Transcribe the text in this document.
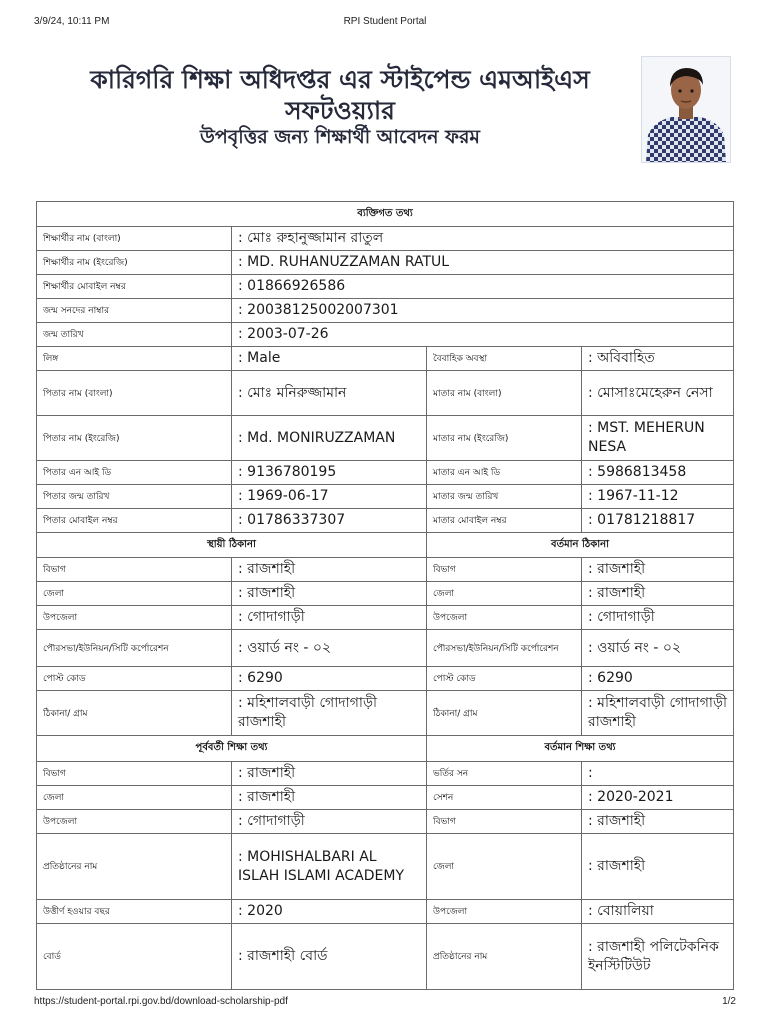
3/9/24, 10:11 PM	RPI Student Portal
কারিগরি শিক্ষা অধিদপ্তর এর স্টাইপেন্ড এমআইএস
সফটওয়্যার
উপবৃত্তির জন্য শিক্ষার্থী আবেদন ফরম
ব্যক্তিগত তথ্য			
শিক্ষার্থীর নাম (বাংলা)	: মোঃ রুহানুজ্জামান রাতুল		
শিক্ষার্থীর নাম (ইংরেজি)	: MD. RUHANUZZAMAN RATUL		
শিক্ষার্থীর মোবাইল নম্বর	: 01866926586		
জন্ম সনদের নাম্বার	: 20038125002007301		
জন্ম তারিখ	: 2003-07-26		
লিঙ্গ	: Male	বৈবাহিক অবস্থা	: অবিবাহিত
পিতার নাম (বাংলা)	: মোঃ মনিরুজ্জামান	মাতার নাম (বাংলা)	: মোসাঃমেহেরুন নেসা
পিতার নাম (ইংরেজি)	: Md. MONIRUZZAMAN	মাতার নাম (ইংরেজি)	: MST. MEHERUN NESA
পিতার এন আই ডি	: 9136780195	মাতার এন আই ডি	: 5986813458
পিতার জন্ম তারিখ	: 1969-06-17	মাতার জন্ম তারিখ	: 1967-11-12
পিতার মোবাইল নম্বর	: 01786337307	মাতার মোবাইল নম্বর	: 01781218817
স্থায়ী ঠিকানা		বর্তমান ঠিকানা	
বিভাগ	: রাজশাহী	বিভাগ	: রাজশাহী
জেলা	: রাজশাহী	জেলা	: রাজশাহী
উপজেলা	: গোদাগাড়ী	উপজেলা	: গোদাগাড়ী
পৌরসভা/ইউনিয়ন/সিটি কর্পোরেশন	: ওয়ার্ড নং - ০২	পৌরসভা/ইউনিয়ন/সিটি কর্পোরেশন	: ওয়ার্ড নং - ০২
পোস্ট কোড	: 6290	পোস্ট কোড	: 6290
ঠিকানা/ গ্রাম	: মহিশালবাড়ী গোদাগাড়ী রাজশাহী	ঠিকানা/ গ্রাম	: মহিশালবাড়ী গোদাগাড়ী রাজশাহী
পূর্ববর্তী শিক্ষা তথ্য		বর্তমান শিক্ষা তথ্য	
বিভাগ	: রাজশাহী	ভর্তির সন	:
জেলা	: রাজশাহী	সেশন	: 2020-2021
উপজেলা	: গোদাগাড়ী	বিভাগ	: রাজশাহী
প্রতিষ্ঠানের নাম	: MOHISHALBARI AL ISLAH ISLAMI ACADEMY	জেলা	: রাজশাহী
উত্তীর্ণ হওয়ার বছর	: 2020	উপজেলা	: বোয়ালিয়া
বোর্ড	: রাজশাহী বোর্ড	প্রতিষ্ঠানের নাম	: রাজশাহী পলিটেকনিক ইনস্টিটিউট
https://student-portal.rpi.gov.bd/download-scholarship-pdf	1/2
